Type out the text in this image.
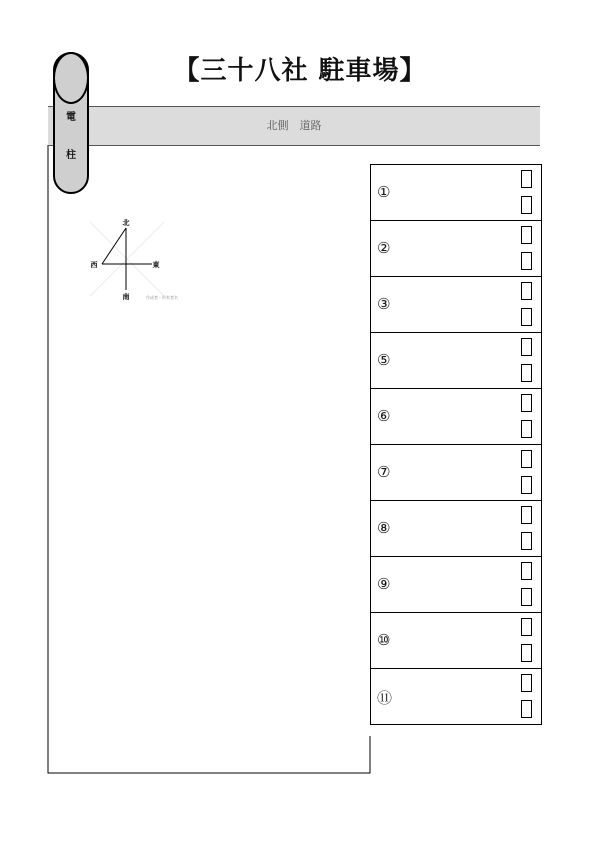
【三十八社 駐車場】
北側　道路
電
柱
北
西	東
南	作成者・所有者名
①
②
③
⑤
⑥
⑦
⑧
⑨
⑩
⑪
